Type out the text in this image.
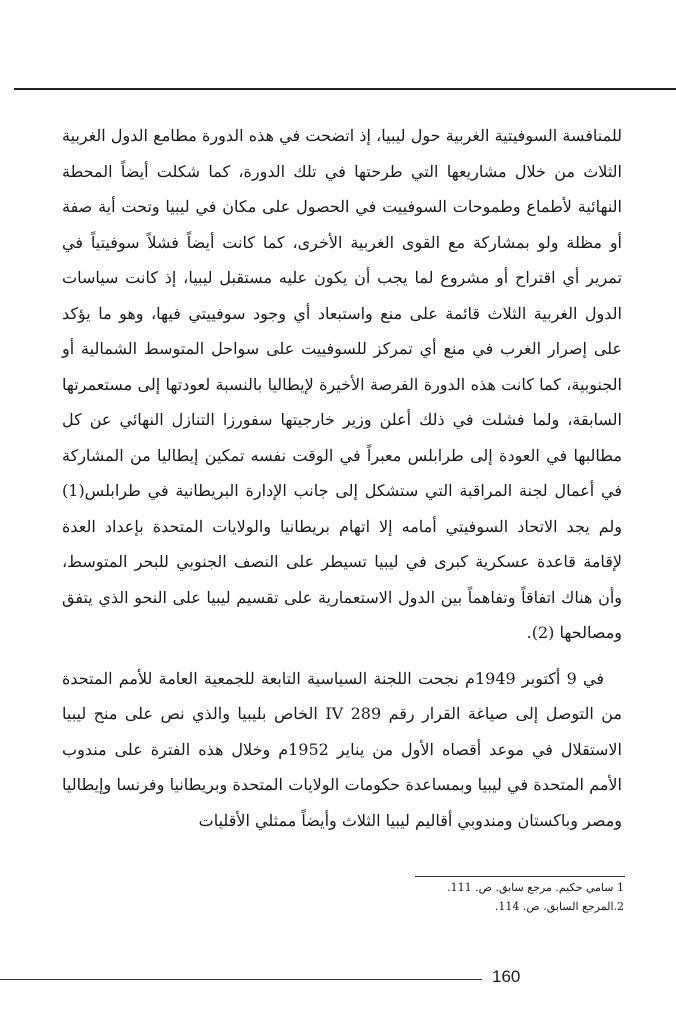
للمنافسة السوفيتية الغربية حول ليبيا، إذ اتضحت في هذه الدورة مطامع الدول الغربية الثلاث من خلال مشاريعها التي طرحتها في تلك الدورة، كما شكلت أيضاً المحطة النهائية لأطماع وطموحات السوفييت في الحصول على مكان في ليبيا وتحت أية صفة أو مظلة ولو بمشاركة مع القوى الغربية الأخرى، كما كانت أيضاً فشلاً سوفيتياً في تمرير أي اقتراح أو مشروع لما يجب أن يكون عليه مستقبل ليبيا، إذ كانت سياسات الدول الغربية الثلاث قائمة على منع واستبعاد أي وجود سوفييتي فيها، وهو ما يؤكد على إصرار الغرب في منع أي تمركز للسوفييت على سواحل المتوسط الشمالية أو الجنوبية، كما كانت هذه الدورة الفرصة الأخيرة لإيطاليا بالنسبة لعودتها إلى مستعمرتها السابقة، ولما فشلت في ذلك أعلن وزير خارجيتها سفورزا التنازل النهائي عن كل مطالبها في العودة إلى طرابلس معبراً في الوقت نفسه تمكين إيطاليا من المشاركة في أعمال لجنة المراقبة التي ستشكل إلى جانب الإدارة البريطانية في طرابلس(1) ولم يجد الاتحاد السوفيتي أمامه إلا اتهام بريطانيا والولايات المتحدة بإعداد العدة لإقامة قاعدة عسكرية كبرى في ليبيا تسيطر على النصف الجنوبي للبحر المتوسط، وأن هناك اتفاقاً وتفاهماً بين الدول الاستعمارية على تقسيم ليبيا على النحو الذي يتفق ومصالحها (2).

في 9 أكتوبر 1949م نجحت اللجنة السياسية التابعة للجمعية العامة للأمم المتحدة من التوصل إلى صياغة القرار رقم 289 IV الخاص بليبيا والذي نص على منح ليبيا الاستقلال في موعد أقصاه الأول من يناير 1952م وخلال هذه الفترة على مندوب الأمم المتحدة في ليبيا وبمساعدة حكومات الولايات المتحدة وبريطانيا وفرنسا وإيطاليا ومصر وباكستان ومندوبي أقاليم ليبيا الثلاث وأيضاً ممثلي الأقليات

1 سامي حكيم. مرجع سابق. ص. 111.

2.المرجع السابق. ص. 114.

160
